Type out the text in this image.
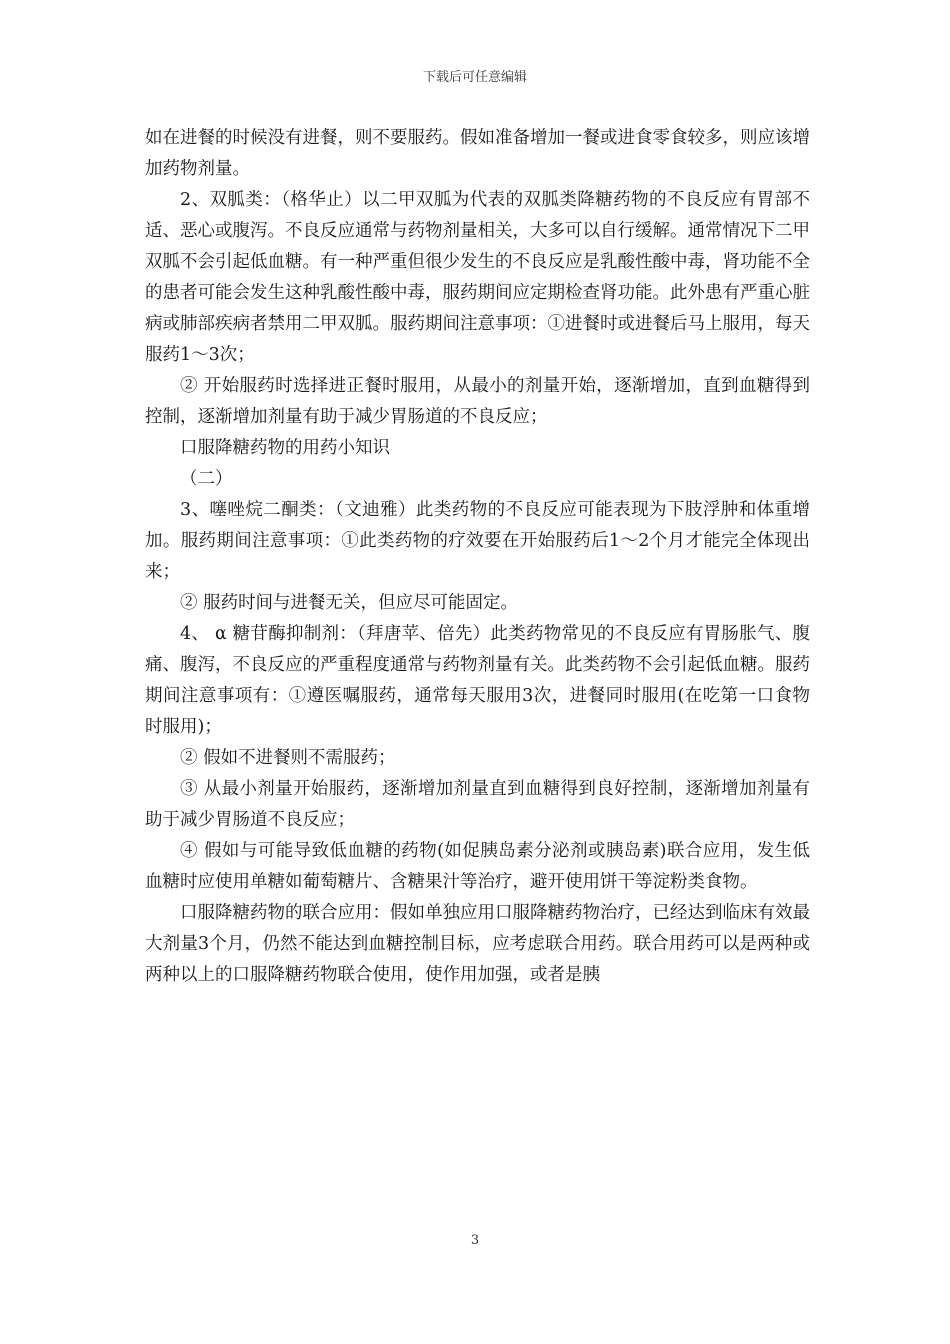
下载后可任意编辑

如在进餐的时候没有进餐，则不要服药。假如准备增加一餐或进食零食较多，则应该增加药物剂量。

2、双胍类：（格华止）以二甲双胍为代表的双胍类降糖药物的不良反应有胃部不适、恶心或腹泻。不良反应通常与药物剂量相关，大多可以自行缓解。通常情况下二甲双胍不会引起低血糖。有一种严重但很少发生的不良反应是乳酸性酸中毒，肾功能不全的患者可能会发生这种乳酸性酸中毒，服药期间应定期检查肾功能。此外患有严重心脏病或肺部疾病者禁用二甲双胍。服药期间注意事项：①进餐时或进餐后马上服用，每天服药1～3次；

② 开始服药时选择进正餐时服用，从最小的剂量开始，逐渐增加，直到血糖得到控制，逐渐增加剂量有助于减少胃肠道的不良反应；

口服降糖药物的用药小知识

（二）

3、噻唑烷二酮类：（文迪雅）此类药物的不良反应可能表现为下肢浮肿和体重增加。服药期间注意事项：①此类药物的疗效要在开始服药后1～2个月才能完全体现出来；

② 服药时间与进餐无关，但应尽可能固定。

4、 α 糖苷酶抑制剂：（拜唐苹、倍先）此类药物常见的不良反应有胃肠胀气、腹痛、腹泻，不良反应的严重程度通常与药物剂量有关。此类药物不会引起低血糖。服药期间注意事项有：①遵医嘱服药，通常每天服用3次，进餐同时服用(在吃第一口食物时服用)；

② 假如不进餐则不需服药；

③ 从最小剂量开始服药，逐渐增加剂量直到血糖得到良好控制，逐渐增加剂量有助于减少胃肠道不良反应；

④ 假如与可能导致低血糖的药物(如促胰岛素分泌剂或胰岛素)联合应用，发生低血糖时应使用单糖如葡萄糖片、含糖果汁等治疗，避开使用饼干等淀粉类食物。

口服降糖药物的联合应用：假如单独应用口服降糖药物治疗，已经达到临床有效最大剂量3个月，仍然不能达到血糖控制目标，应考虑联合用药。联合用药可以是两种或两种以上的口服降糖药物联合使用，使作用加强，或者是胰

3
